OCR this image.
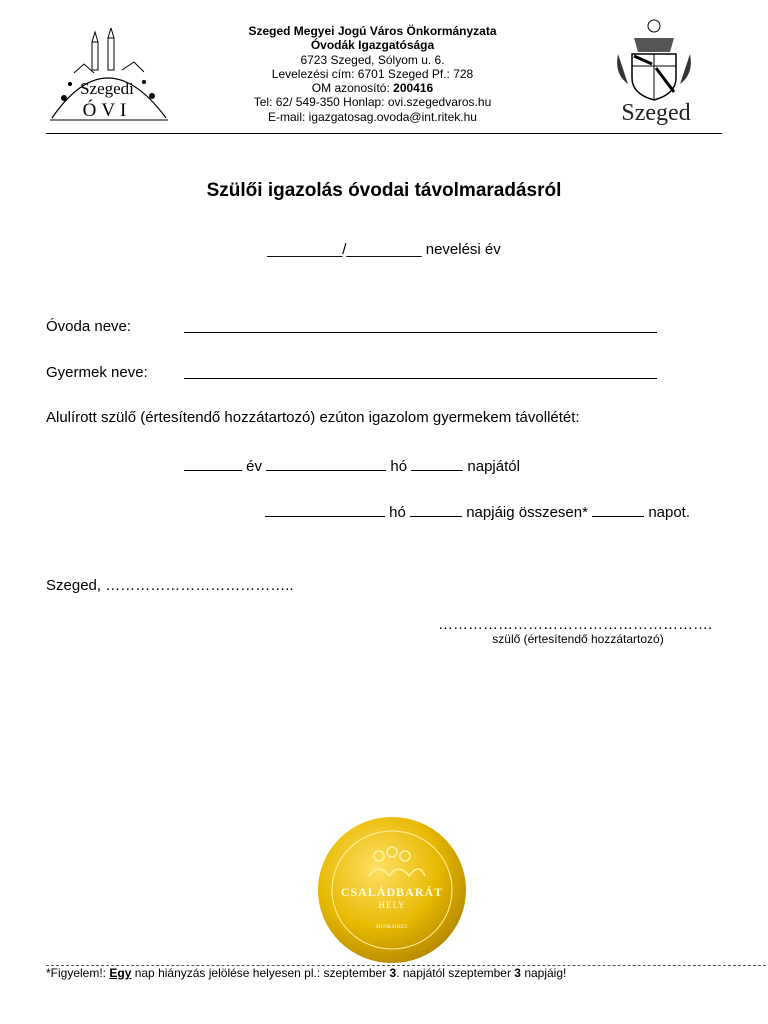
Szegedi
ÓVI
Szeged Megyei Jogú Város Önkormányzata
Óvodák Igazgatósága
6723 Szeged, Sólyom u. 6.
Levelezési cím: 6701 Szeged Pf.: 728
OM azonosító: 200416
Tel: 62/ 549-350 Honlap: ovi.szegedvaros.hu
E-mail: igazgatosag.ovoda@int.ritek.hu	Szeged
Szülői igazolás óvodai távolmaradásról
_________/_________ nevelési év
Óvoda neve:
Gyermek neve:
Alulírott szülő (értesítendő hozzátartozó) ezúton igazolom gyermekem távollétét:
év	hó	napjától
hó	napjáig összesen*	napot.
Szeged, ………………………………..
……………………………………………….
szülő (értesítendő hozzátartozó)
CSALÁDBARÁT
HELY
MUNKAHELY
*Figyelem!: Egy nap hiányzás jelölése helyesen pl.: szeptember 3. napjától szeptember 3 napjáig!
